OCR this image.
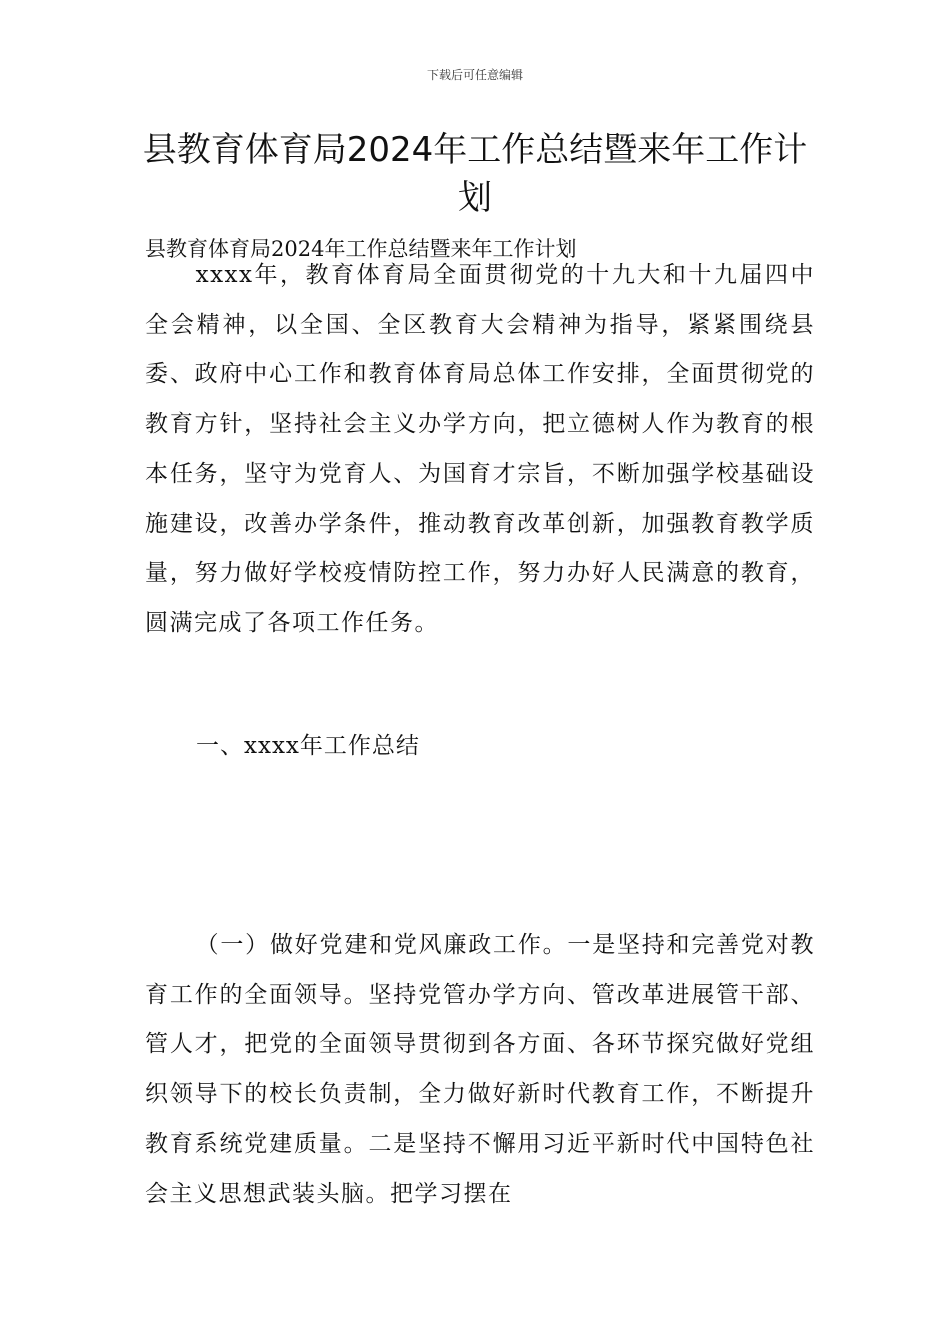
下载后可任意编辑
县教育体育局2024年工作总结暨来年工作计划
县教育体育局2024年工作总结暨来年工作计划

xxxx年，教育体育局全面贯彻党的十九大和十九届四中全会精神，以全国、全区教育大会精神为指导，紧紧围绕县委、政府中心工作和教育体育局总体工作安排，全面贯彻党的教育方针，坚持社会主义办学方向，把立德树人作为教育的根本任务，坚守为党育人、为国育才宗旨，不断加强学校基础设施建设，改善办学条件，推动教育改革创新，加强教育教学质量，努力做好学校疫情防控工作，努力办好人民满意的教育，圆满完成了各项工作任务。

一、xxxx年工作总结

（一）做好党建和党风廉政工作。一是坚持和完善党对教育工作的全面领导。坚持党管办学方向、管改革进展管干部、管人才，把党的全面领导贯彻到各方面、各环节探究做好党组织领导下的校长负责制，全力做好新时代教育工作，不断提升教育系统党建质量。二是坚持不懈用习近平新时代中国特色社会主义思想武装头脑。把学习摆在
